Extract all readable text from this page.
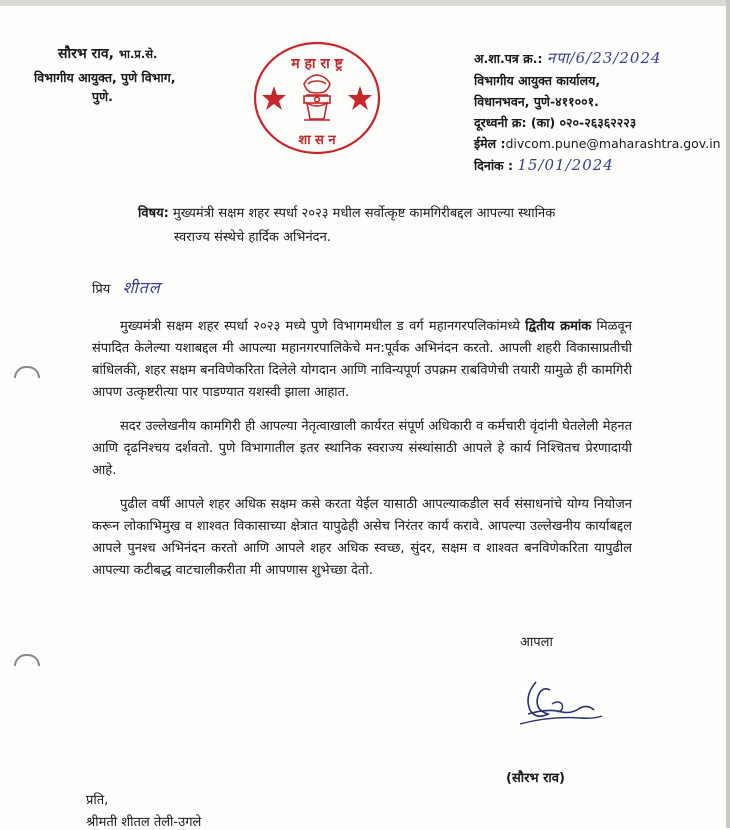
सौरभ राव, भा.प्र.से.
विभागीय आयुक्त, पुणे विभाग,
पुणे.
म हा रा ष्ट्र
शा स न
अ.शा.पत्र क्र.: नपा/6/23/2024
विभागीय आयुक्त कार्यालय,
विधानभवन, पुणे-४११००१.
दूरध्वनी क्र: (का) ०२०-२६३६२२२३
ईमेल :divcom.pune@maharashtra.gov.in
दिनांक : 15/01/2024
विषय: मुख्यमंत्री सक्षम शहर स्पर्धा २०२३ मधील सर्वोत्कृष्ट कामगिरीबद्दल आपल्या स्थानिक
स्वराज्य संस्थेचे हार्दिक अभिनंदन.
प्रिय शीतल
मुख्यमंत्री सक्षम शहर स्पर्धा २०२३ मध्ये पुणे विभागमधील ड वर्ग महानगरपलिकांमध्ये द्वितीय क्रमांक मिळवून संपादित केलेल्या यशाबद्दल मी आपल्या महानगरपालिकेचे मन:पूर्वक अभिनंदन करतो. आपली शहरी विकासाप्रतीची बांधिलकी, शहर सक्षम बनविणेकरिता दिलेले योगदान आणि नाविन्यपूर्ण उपक्रम राबविणेची तयारी यामुळे ही कामगिरी आपण उत्कृष्टरीत्या पार पाडण्यात यशस्वी झाला आहात.
सदर उल्लेखनीय कामगिरी ही आपल्या नेतृत्वाखाली कार्यरत संपूर्ण अधिकारी व कर्मचारी वृंदांनी घेतलेली मेहनत आणि दृढनिश्चय दर्शवतो. पुणे विभागातील इतर स्थानिक स्वराज्य संस्थांसाठी आपले हे कार्य निश्चितच प्रेरणादायी आहे.
पुढील वर्षी आपले शहर अधिक सक्षम कसे करता येईल यासाठी आपल्याकडील सर्व संसाधनांचे योग्य नियोजन करून लोकाभिमुख व शाश्वत विकासाच्या क्षेत्रात यापुढेही असेच निरंतर कार्य करावे. आपल्या उल्लेखनीय कार्याबद्दल आपले पुनश्च अभिनंदन करतो आणि आपले शहर अधिक स्वच्छ, सुंदर, सक्षम व शाश्वत बनविणेकरिता यापुढील आपल्या कटीबद्ध वाटचालीकरीता मी आपणास शुभेच्छा देतो.
आपला
(सौरभ राव)
प्रति,
श्रीमती शीतल तेली-उगले
